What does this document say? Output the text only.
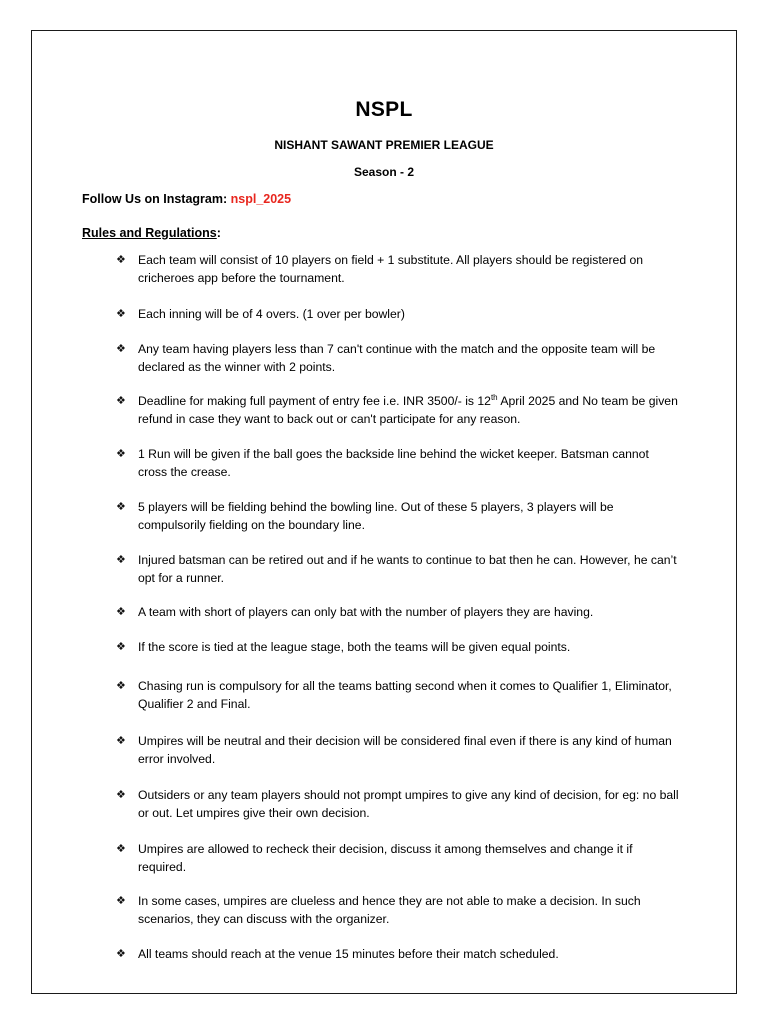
NSPL
NISHANT SAWANT PREMIER LEAGUE
Season - 2
Follow Us on Instagram: nspl_2025
Rules and Regulations:
❖ Each team will consist of 10 players on field + 1 substitute. All players should be registered on cricheroes app before the tournament.
❖ Each inning will be of 4 overs. (1 over per bowler)
❖ Any team having players less than 7 can't continue with the match and the opposite team will be declared as the winner with 2 points.
❖ Deadline for making full payment of entry fee i.e. INR 3500/- is 12th April 2025 and No team be given refund in case they want to back out or can't participate for any reason.
❖ 1 Run will be given if the ball goes the backside line behind the wicket keeper. Batsman cannot cross the crease.
❖ 5 players will be fielding behind the bowling line. Out of these 5 players, 3 players will be compulsorily fielding on the boundary line.
❖ Injured batsman can be retired out and if he wants to continue to bat then he can. However, he can’t opt for a runner.
❖ A team with short of players can only bat with the number of players they are having.
❖ If the score is tied at the league stage, both the teams will be given equal points.
❖ Chasing run is compulsory for all the teams batting second when it comes to Qualifier 1, Eliminator, Qualifier 2 and Final.
❖ Umpires will be neutral and their decision will be considered final even if there is any kind of human error involved.
❖ Outsiders or any team players should not prompt umpires to give any kind of decision, for eg: no ball or out. Let umpires give their own decision.
❖ Umpires are allowed to recheck their decision, discuss it among themselves and change it if required.
❖ In some cases, umpires are clueless and hence they are not able to make a decision. In such scenarios, they can discuss with the organizer.
❖ All teams should reach at the venue 15 minutes before their match scheduled.
